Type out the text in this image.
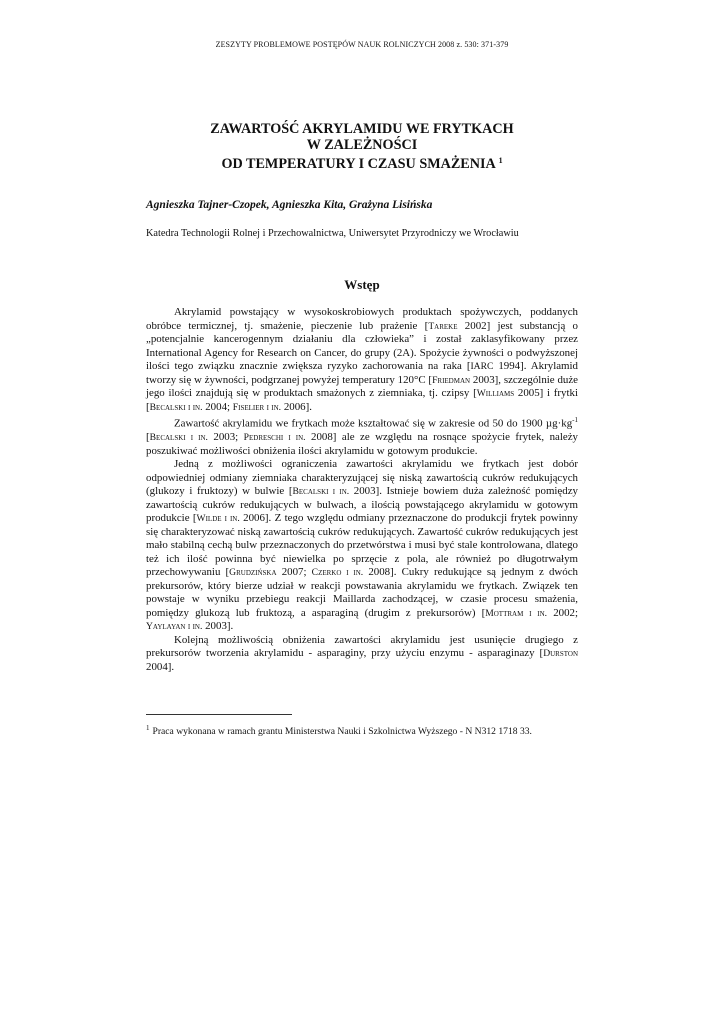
ZESZYTY PROBLEMOWE POSTĘPÓW NAUK ROLNICZYCH 2008 z. 530: 371-379
ZAWARTOŚĆ AKRYLAMIDU WE FRYTKACH
W ZALEŻNOŚCI
OD TEMPERATURY I CZASU SMAŻENIA $^1$
Agnieszka Tajner-Czopek, Agnieszka Kita, Grażyna Lisińska
Katedra Technologii Rolnej i Przechowalnictwa, Uniwersytet Przyrodniczy we Wrocławiu
Wstęp

Akrylamid powstający w wysokoskrobiowych produktach spożywczych, poddanych obróbce termicznej, tj. smażenie, pieczenie lub prażenie [Tareke 2002] jest substancją o „potencjalnie kancerogennym działaniu dla człowieka” i został zaklasyfikowany przez International Agency for Research on Cancer, do grupy (2A). Spożycie żywności o podwyższonej ilości tego związku znacznie zwiększa ryzyko zachorowania na raka [IARC 1994]. Akrylamid tworzy się w żywności, podgrzanej powyżej temperatury 120°C [Friedman 2003], szczególnie duże jego ilości znajdują się w produktach smażonych z ziemniaka, tj. czipsy [Williams 2005] i frytki [Becalski i in. 2004; Fiselier i in. 2006].

Zawartość akrylamidu we frytkach może kształtować się w zakresie od 50 do 1900 $\mu g\cdot kg^{-1}$ [Becalski i in. 2003; Pedreschi i in. 2008] ale ze względu na rosnące spożycie frytek, należy poszukiwać możliwości obniżenia ilości akrylamidu w gotowym produkcie.

Jedną z możliwości ograniczenia zawartości akrylamidu we frytkach jest dobór odpowiedniej odmiany ziemniaka charakteryzującej się niską zawartością cukrów redukujących (glukozy i fruktozy) w bulwie [Becalski i in. 2003]. Istnieje bowiem duża zależność pomiędzy zawartością cukrów redukujących w bulwach, a ilością powstającego akrylamidu w gotowym produkcie [Wilde i in. 2006]. Z tego względu odmiany przeznaczone do produkcji frytek powinny się charakteryzować niską zawartością cukrów redukujących. Zawartość cukrów redukujących jest mało stabilną cechą bulw przeznaczonych do przetwórstwa i musi być stale kontrolowana, dlatego też ich ilość powinna być niewielka po sprzęcie z pola, ale również po długotrwałym przechowywaniu [Grudzińska 2007; Czerko i in. 2008]. Cukry redukujące są jednym z dwóch prekursorów, który bierze udział w reakcji powstawania akrylamidu we frytkach. Związek ten powstaje w wyniku przebiegu reakcji Maillarda zachodzącej, w czasie procesu smażenia, pomiędzy glukozą lub fruktozą, a asparaginą (drugim z prekursorów) [Mottram i in. 2002; Yaylayan i in. 2003].

Kolejną możliwością obniżenia zawartości akrylamidu jest usunięcie drugiego z prekursorów tworzenia akrylamidu - asparaginy, przy użyciu enzymu - asparaginazy [Durston 2004].

$^1$ Praca wykonana w ramach grantu Ministerstwa Nauki i Szkolnictwa Wyższego - N N312 1718 33.
